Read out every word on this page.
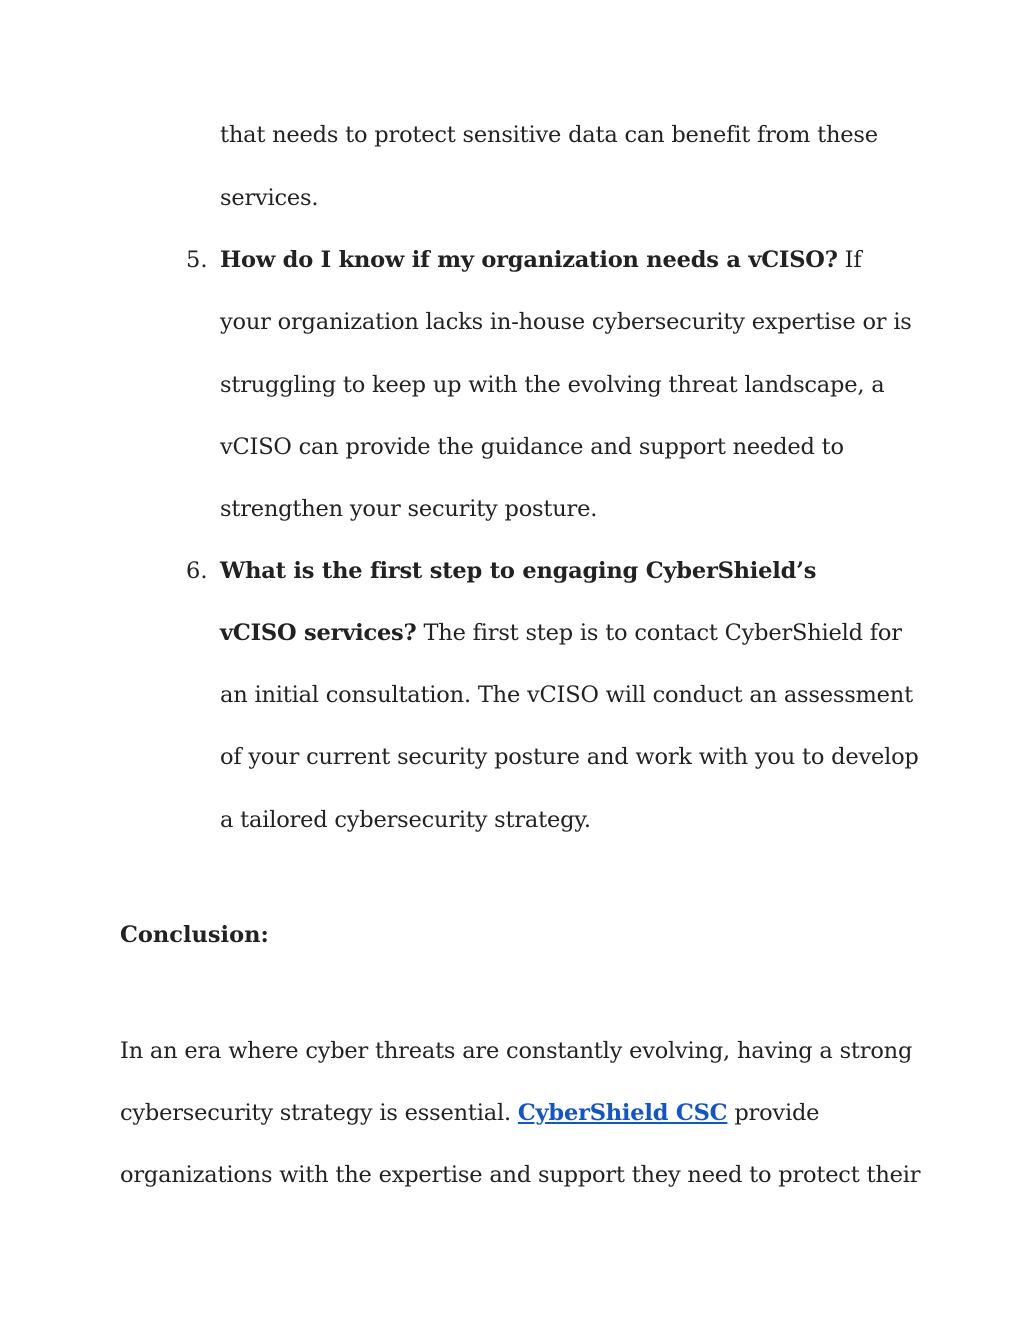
that needs to protect sensitive data can benefit from these
services.
5. How do I know if my organization needs a vCISO? If
your organization lacks in-house cybersecurity expertise or is
struggling to keep up with the evolving threat landscape, a
vCISO can provide the guidance and support needed to
strengthen your security posture.
6. What is the first step to engaging CyberShield’s
vCISO services? The first step is to contact CyberShield for
an initial consultation. The vCISO will conduct an assessment
of your current security posture and work with you to develop
a tailored cybersecurity strategy.
Conclusion:
In an era where cyber threats are constantly evolving, having a strong
cybersecurity strategy is essential. CyberShield CSC provide
organizations with the expertise and support they need to protect their
